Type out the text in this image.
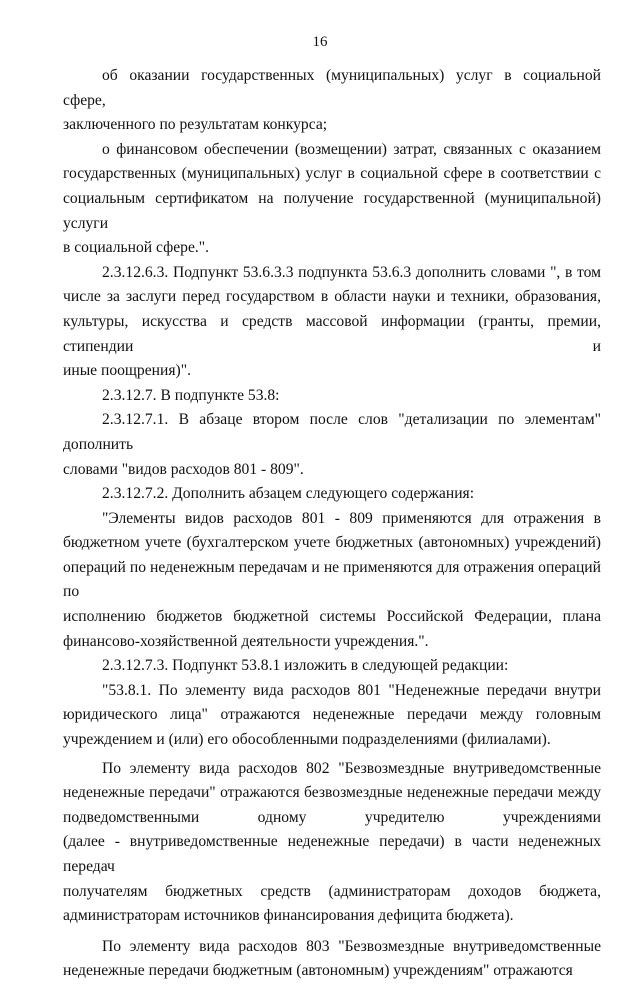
16
об оказании государственных (муниципальных) услуг в социальной сфере,
заключенного по результатам конкурса;
о финансовом обеспечении (возмещении) затрат, связанных с оказанием
государственных (муниципальных) услуг в социальной сфере в соответствии с
социальным сертификатом на получение государственной (муниципальной) услуги
в социальной сфере.".
2.3.12.6.3. Подпункт 53.6.3.3 подпункта 53.6.3 дополнить словами ", в том
числе за заслуги перед государством в области науки и техники, образования,
культуры, искусства и средств массовой информации (гранты, премии, стипендии и
иные поощрения)".
2.3.12.7. В подпункте 53.8:
2.3.12.7.1. В абзаце втором после слов "детализации по элементам" дополнить
словами "видов расходов 801 - 809".
2.3.12.7.2. Дополнить абзацем следующего содержания:
"Элементы видов расходов 801 - 809 применяются для отражения в
бюджетном учете (бухгалтерском учете бюджетных (автономных) учреждений)
операций по неденежным передачам и не применяются для отражения операций по
исполнению бюджетов бюджетной системы Российской Федерации, плана
финансово-хозяйственной деятельности учреждения.".
2.3.12.7.3. Подпункт 53.8.1 изложить в следующей редакции:
"53.8.1. По элементу вида расходов 801 "Неденежные передачи внутри
юридического лица" отражаются неденежные передачи между головным
учреждением и (или) его обособленными подразделениями (филиалами).
По элементу вида расходов 802 "Безвозмездные внутриведомственные
неденежные передачи" отражаются безвозмездные неденежные передачи между
подведомственными одному учредителю учреждениями
(далее - внутриведомственные неденежные передачи) в части неденежных передач
получателям бюджетных средств (администраторам доходов бюджета,
администраторам источников финансирования дефицита бюджета).
По элементу вида расходов 803 "Безвозмездные внутриведомственные
неденежные передачи бюджетным (автономным) учреждениям" отражаются
